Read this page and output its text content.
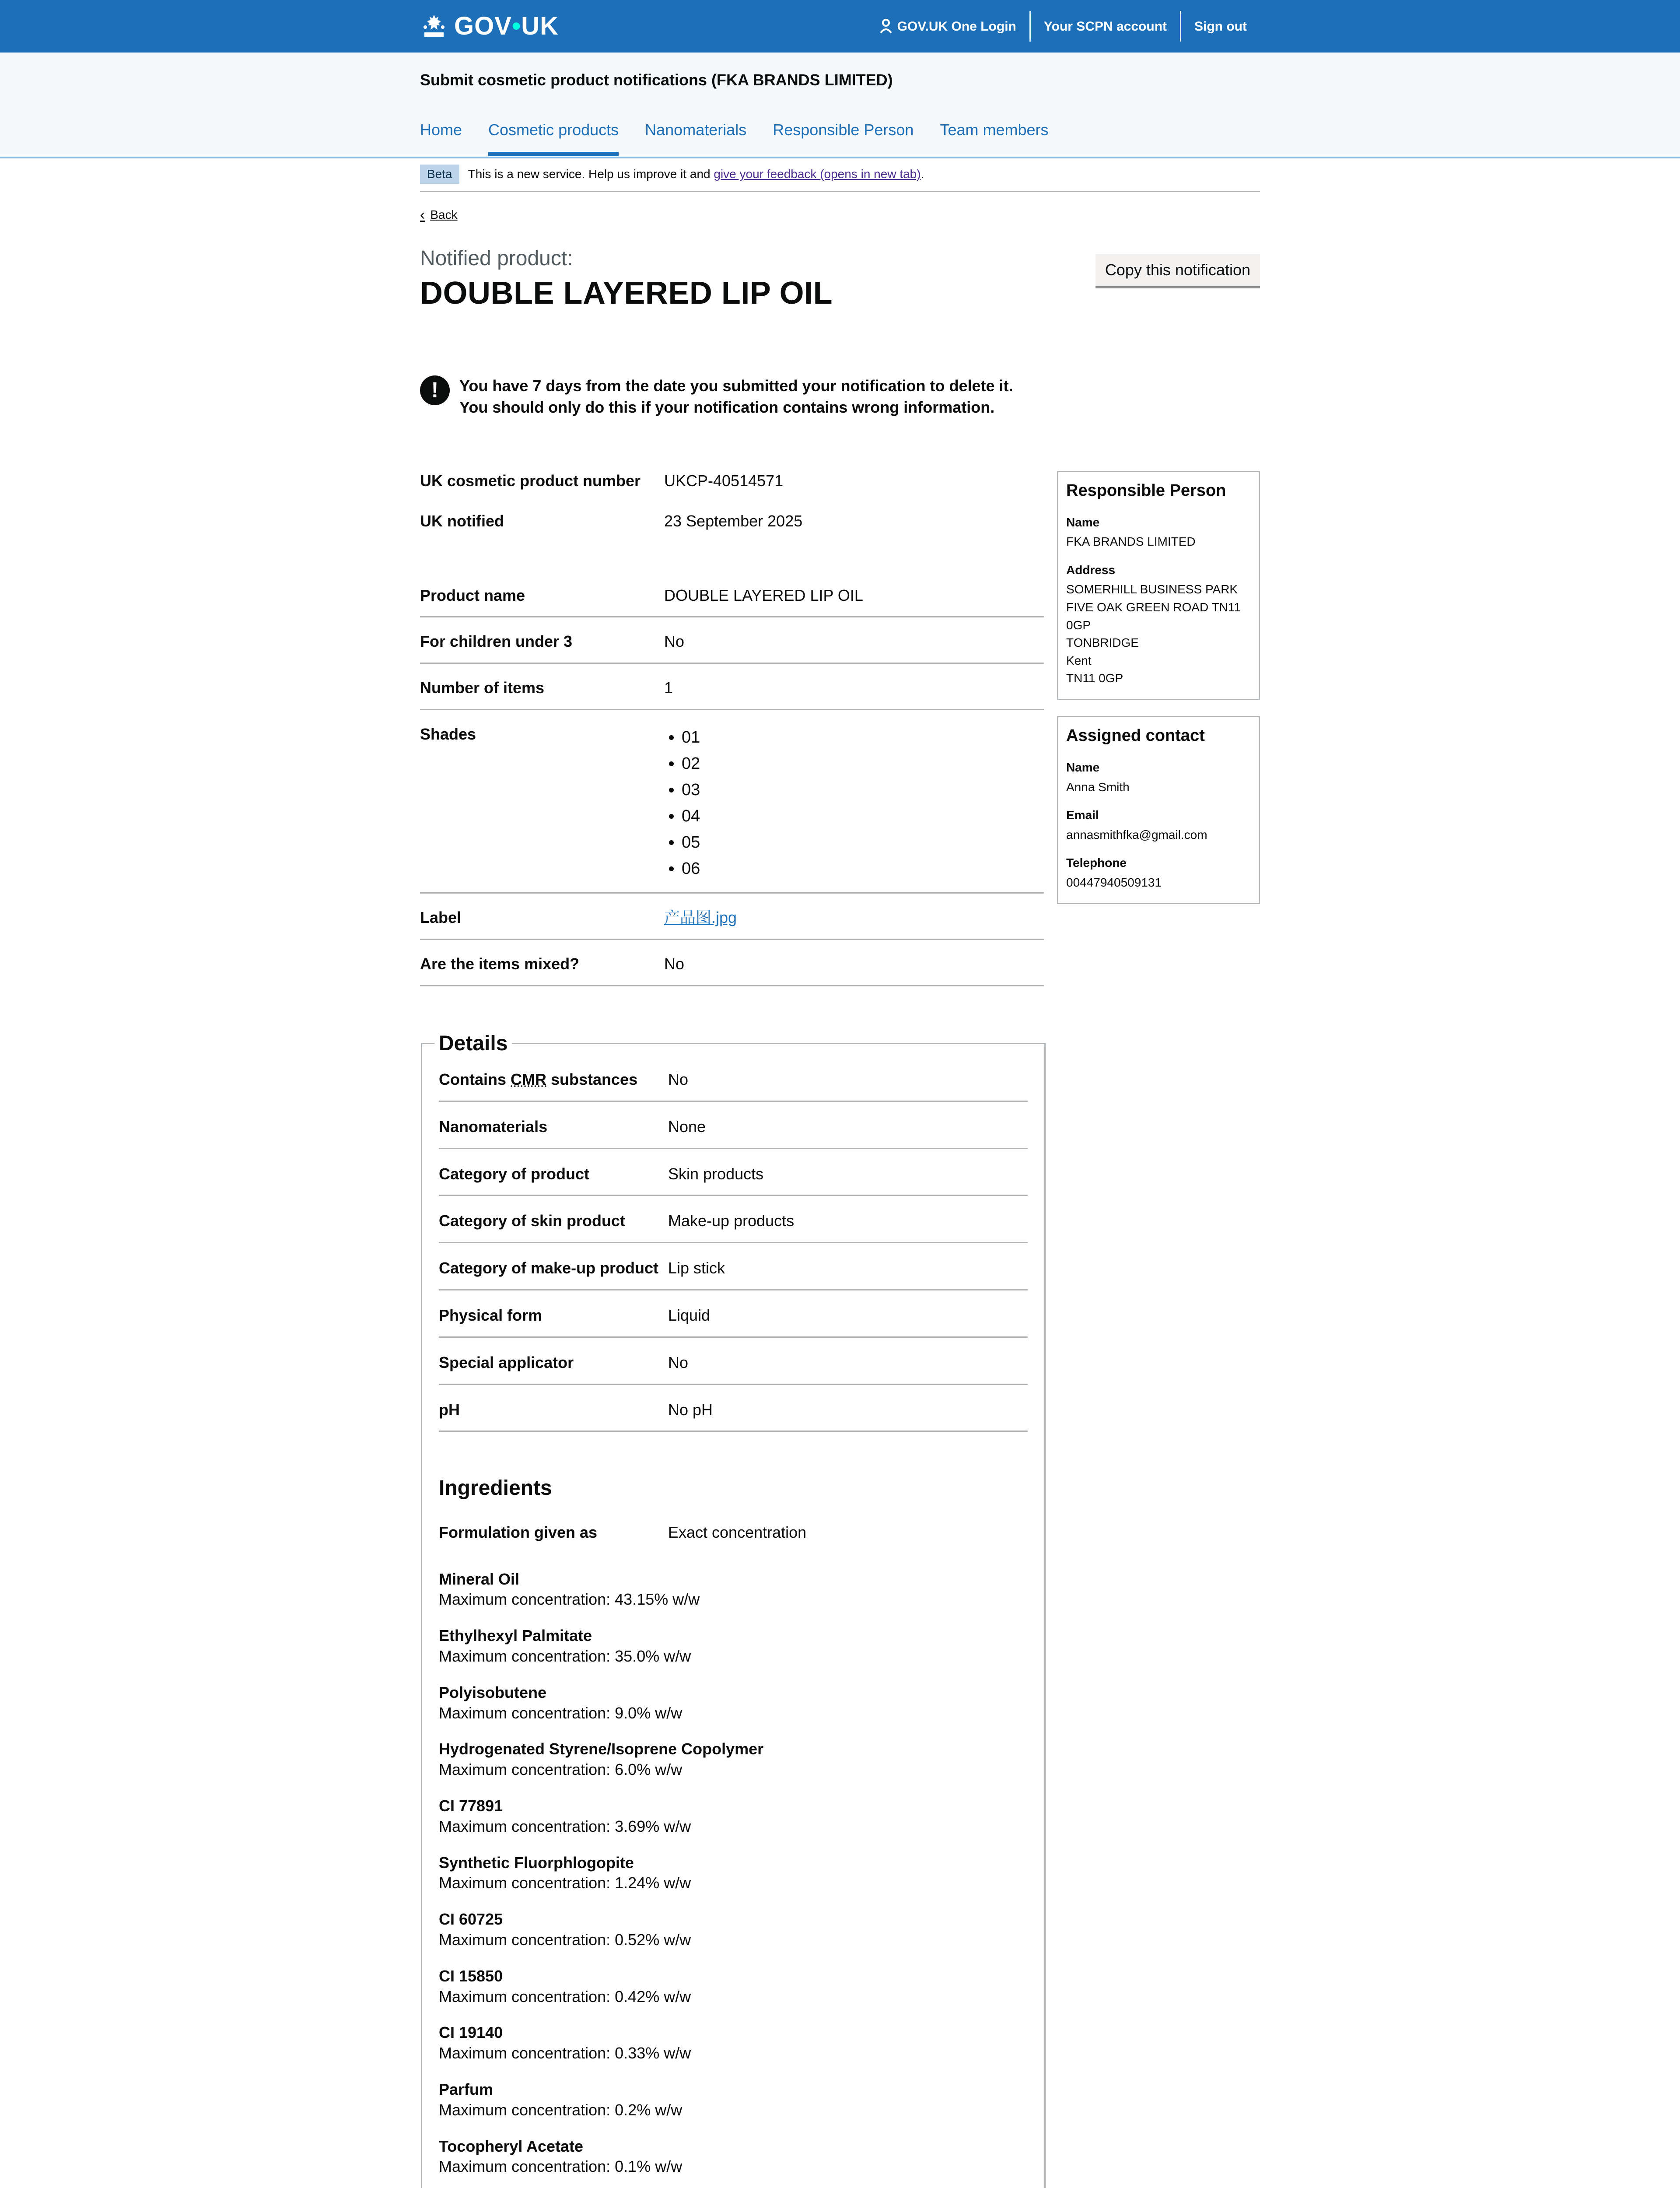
GOV•UK	GOV.UK One Login	Your SCPN account	Sign out
Submit cosmetic product notifications (FKA BRANDS LIMITED)
Home Cosmetic products Nanomaterials Responsible Person Team members
Beta	This is a new service. Help us improve it and give your feedback (opens in new tab).
‹ Back
Notified product:
DOUBLE LAYERED LIP OIL
Copy this notification
!	You have 7 days from the date you submitted your notification to delete it. You should only do this if your notification contains wrong information.

UK cosmetic product number	UKCP-40514571
UK notified	23 September 2025
Product name	DOUBLE LAYERED LIP OIL
For children under 3	No
Number of items	1
Shades
•	01
• 02
• 03
• 04
• 05
• 06
Label	产品图.jpg
Are the items mixed?	No
Details
Contains CMR substances	No
Nanomaterials	None
Category of product	Skin products
Category of skin product	Make-up products
Category of make-up product Lip stick
Physical form	Liquid
Special applicator	No
pH	No pH
Ingredients
Formulation given as	Exact concentration
Mineral Oil
Maximum concentration: 43.15% w/w
Ethylhexyl Palmitate
Maximum concentration: 35.0% w/w
Polyisobutene
Maximum concentration: 9.0% w/w
Hydrogenated Styrene/Isoprene Copolymer
Maximum concentration: 6.0% w/w
CI 77891
Maximum concentration: 3.69% w/w
Synthetic Fluorphlogopite
Maximum concentration: 1.24% w/w
CI 60725
Maximum concentration: 0.52% w/w
CI 15850
Maximum concentration: 0.42% w/w
CI 19140
Maximum concentration: 0.33% w/w
Parfum
Maximum concentration: 0.2% w/w
Tocopheryl Acetate
Maximum concentration: 0.1% w/w
Responsible Person
Name
FKA BRANDS LIMITED
Address
SOMERHILL BUSINESS PARK
FIVE OAK GREEN ROAD TN11
0GP
TONBRIDGE
Kent
TN11 0GP
Assigned contact
Name
Anna Smith
Email
annasmithfka@gmail.com
Telephone
00447940509131
